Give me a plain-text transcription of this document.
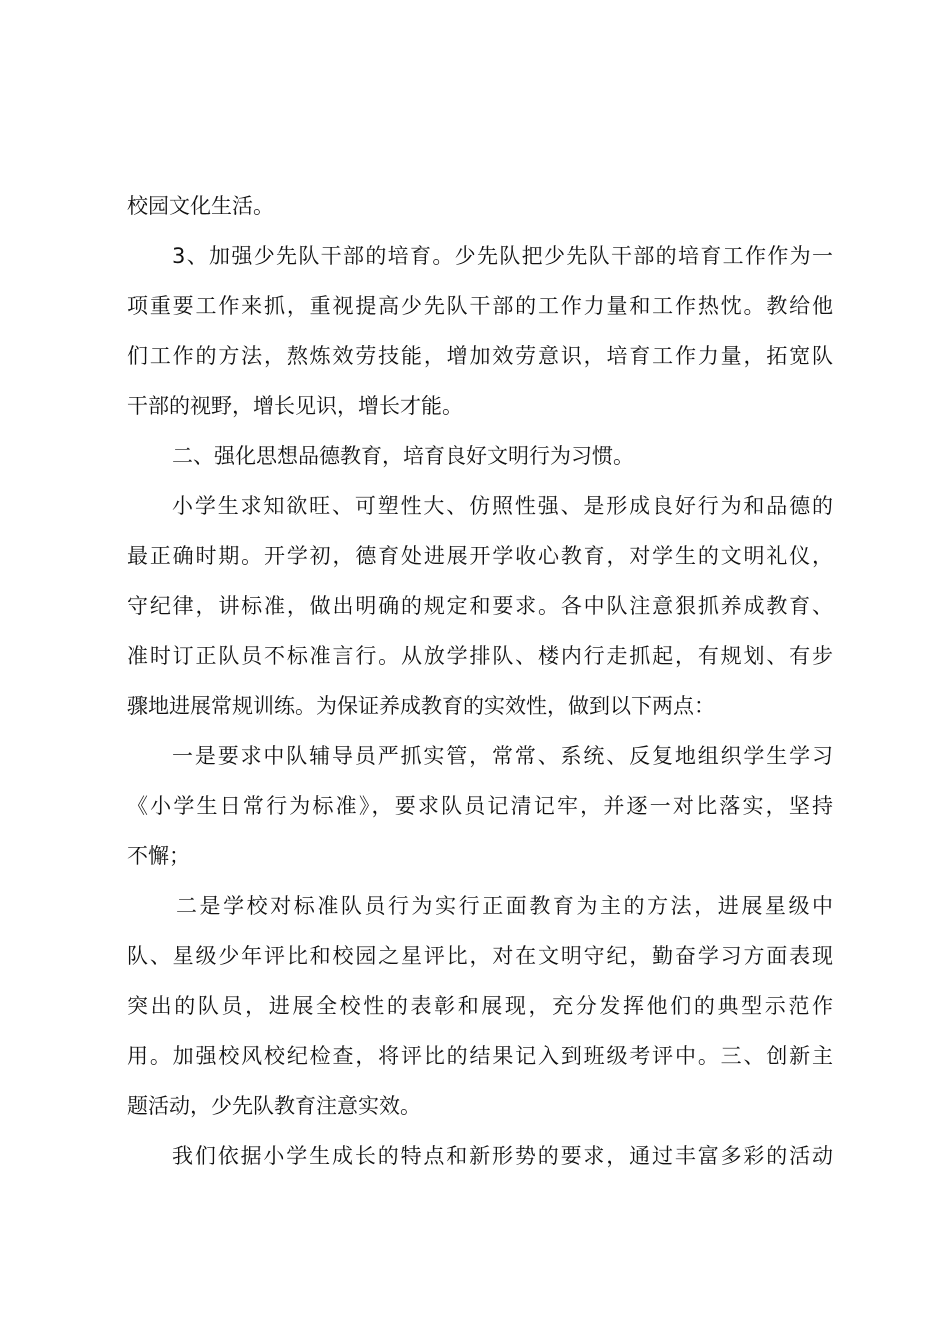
校园文化生活。
3、加强少先队干部的培育。少先队把少先队干部的培育工作作为一
项重要工作来抓，重视提高少先队干部的工作力量和工作热忱。教给他
们工作的方法，熬炼效劳技能，增加效劳意识，培育工作力量，拓宽队
干部的视野，增长见识，增长才能。
二、强化思想品德教育，培育良好文明行为习惯。
小学生求知欲旺、可塑性大、仿照性强、是形成良好行为和品德的
最正确时期。开学初，德育处进展开学收心教育，对学生的文明礼仪，
守纪律，讲标准，做出明确的规定和要求。各中队注意狠抓养成教育、
准时订正队员不标准言行。从放学排队、楼内行走抓起，有规划、有步
骤地进展常规训练。为保证养成教育的实效性，做到以下两点：
一是要求中队辅导员严抓实管，常常、系统、反复地组织学生学习
《小学生日常行为标准》，要求队员记清记牢，并逐一对比落实，坚持
不懈；
二是学校对标准队员行为实行正面教育为主的方法，进展星级中
队、星级少年评比和校园之星评比，对在文明守纪，勤奋学习方面表现
突出的队员，进展全校性的表彰和展现，充分发挥他们的典型示范作
用。加强校风校纪检查，将评比的结果记入到班级考评中。三、创新主
题活动，少先队教育注意实效。
我们依据小学生成长的特点和新形势的要求，通过丰富多彩的活动
